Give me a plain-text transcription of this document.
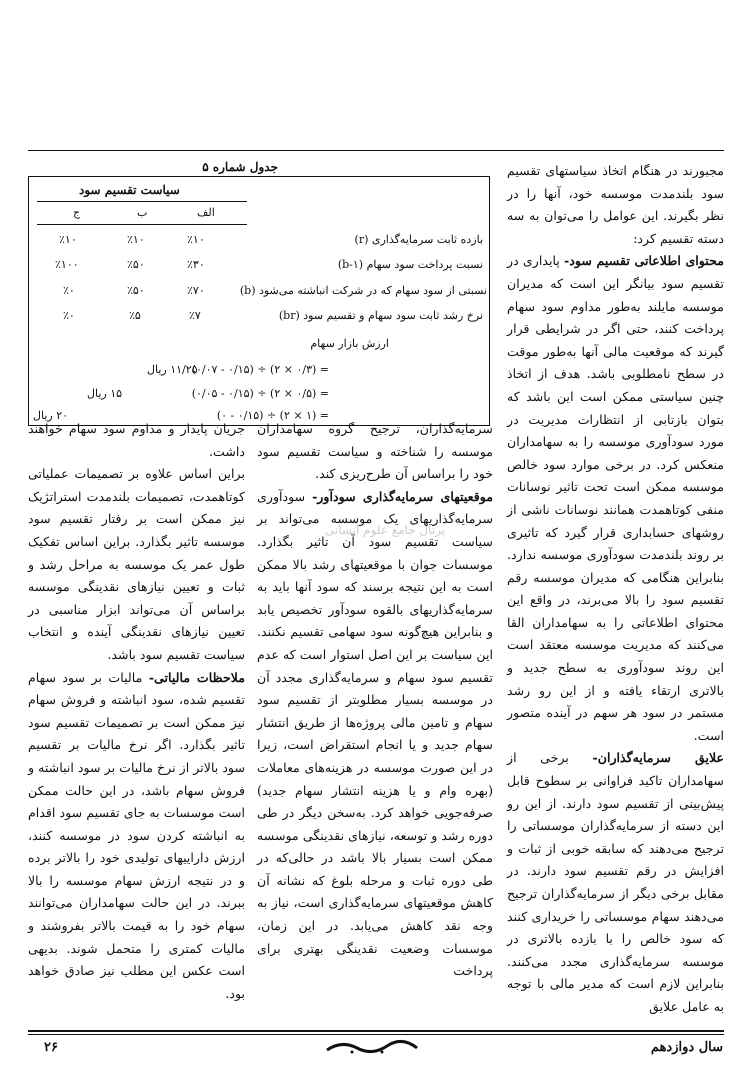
مجبورند در هنگام اتخاذ سیاستهای تقسیم سود بلندمدت موسسه خود، آنها را در نظر بگیرند. این عوامل را می‌توان به سه دسته تقسیم کرد:

محتوای اطلاعاتی تقسیم سود- پایداری در تقسیم سود بیانگر این است که مدیران موسسه مایلند به‌طور مداوم سود سهام پرداخت کنند، حتی اگر در شرایطی قرار گیرند که موقعیت مالی آنها به‌طور موقت در سطح نامطلوبی باشد. هدف از اتخاذ چنین سیاستی ممکن است این باشد که بتوان بازتابی از انتظارات مدیریت در مورد سودآوری موسسه را به سهامداران منعکس کرد. در برخی موارد سود خالص موسسه ممکن است تحت تاثیر نوسانات منفی کوتاهمدت همانند نوسانات ناشی از روشهای حسابداری قرار گیرد که تاثیری بر روند بلندمدت سودآوری موسسه ندارد. بنابراین هنگامی که مدیران موسسه رقم تقسیم سود را بالا می‌برند، در واقع این محتوای اطلاعاتی را به سهامداران القا می‌کنند که مدیریت موسسه معتقد است این روند سودآوری به سطح جدید و بالاتری ارتقاء یافته و از این رو رشد مستمر در سود هر سهم در آینده متصور است.

علایق سرمایه‌گذاران- برخی از سهامداران تاکید فراوانی بر سطوح قابل پیش‌بینی از تقسیم سود دارند. از این رو این دسته از سرمایه‌گذاران موسساتی را ترجیح می‌دهند که سابقه خوبی از ثبات و افزایش در رقم تقسیم سود دارند. در مقابل برخی دیگر از سرمایه‌گذاران ترجیح می‌دهند سهام موسساتی را خریداری کنند که سود خالص را با بازده بالاتری در موسسه سرمایه‌گذاری مجدد می‌کنند. بنابراین لازم است که مدیر مالی با توجه به عامل علایق

جدول شماره ۵
سیاست تقسیم سود
الف
ب
ج
بازده ثابت سرمایه‌گذاری (r)
٪۱۰
٪۱۰
٪۱۰
نسبت پرداخت سود سهام (b-۱)
٪۳۰
٪۵۰
٪۱۰۰
نسبتی از سود سهام که در شرکت انباشته می‌شود (b)
٪۷۰
٪۵۰
٪۰
نرخ رشد ثابت سود سهام و تقسیم سود (br)
٪۷
٪۵
٪۰
ارزش بازار سهام
(۰/۰۷ - ۰/۱۵) ÷ (۲ × ۰/۳) =
۱۱/۲۵ ریال
(۰/۰۵ - ۰/۱۵) ÷ (۲ × ۰/۵) =
۱۵ ریال
(۰ - ۰/۱۵) ÷ (۲ × ۱) =
۲۰ ریال

سرمایه‌گذاران، ترجیح گروه سهامداران موسسه را شناخته و سیاست تقسیم سود خود را براساس آن طرح‌ریزی کند.

موقعیتهای سرمایه‌گذاری سودآور- سودآوری سرمایه‌گذاریهای یک موسسه می‌تواند بر سیاست تقسیم سود آن تاثیر بگذارد. موسسات جوان با موقعیتهای رشد بالا ممکن است به این نتیجه برسند که سود آنها باید به سرمایه‌گذاریهای بالقوه سودآور تخصیص یابد و بنابراین هیچ‌گونه سود سهامی تقسیم نکنند. این سیاست بر این اصل استوار است که عدم تقسیم سود سهام و سرمایه‌گذاری مجدد آن در موسسه بسیار مطلوبتر از تقسیم سود سهام و تامین مالی پروژه‌ها از طریق انتشار سهام جدید و یا انجام استقراض است، زیرا در این صورت موسسه در هزینه‌های معاملات (بهره وام و یا هزینه انتشار سهام جدید) صرفه‌جویی خواهد کرد. به‌سخن دیگر در طی دوره رشد و توسعه، نیازهای نقدینگی موسسه ممکن است بسیار بالا باشد در حالی‌که در طی دوره ثبات و مرحله بلوغ که نشانه آن کاهش موقعیتهای سرمایه‌گذاری است، نیاز به وجه نقد کاهش می‌یابد. در این زمان، موسسات وضعیت نقدینگی بهتری برای پرداخت

جریان پایدار و مداوم سود سهام خواهند داشت.

براین اساس علاوه بر تصمیمات عملیاتی کوتاهمدت، تصمیمات بلندمدت استراتژیک نیز ممکن است بر رفتار تقسیم سود موسسه تاثیر بگذارد. براین اساس تفکیک طول عمر یک موسسه به مراحل رشد و ثبات و تعیین نیازهای نقدینگی موسسه براساس آن می‌تواند ابزار مناسبی در تعیین نیازهای نقدینگی آینده و انتخاب سیاست تقسیم سود باشد.

ملاحظات مالیاتی- مالیات بر سود سهام تقسیم شده، سود انباشته و فروش سهام نیز ممکن است بر تصمیمات تقسیم سود تاثیر بگذارد. اگر نرخ مالیات بر تقسیم سود بالاتر از نرخ مالیات بر سود انباشته و فروش سهام باشد، در این حالت ممکن است موسسات به جای تقسیم سود اقدام به انباشته کردن سود در موسسه کنند، ارزش داراییهای تولیدی خود را بالاتر برده و در نتیجه ارزش سهام موسسه را بالا ببرند. در این حالت سهامداران می‌توانند سهام خود را به قیمت بالاتر بفروشند و مالیات کمتری را متحمل شوند. بدیهی است عکس این مطلب نیز صادق خواهد بود.

پرتال جامع علوم انسانی
۲۶	سال دوازدهم
